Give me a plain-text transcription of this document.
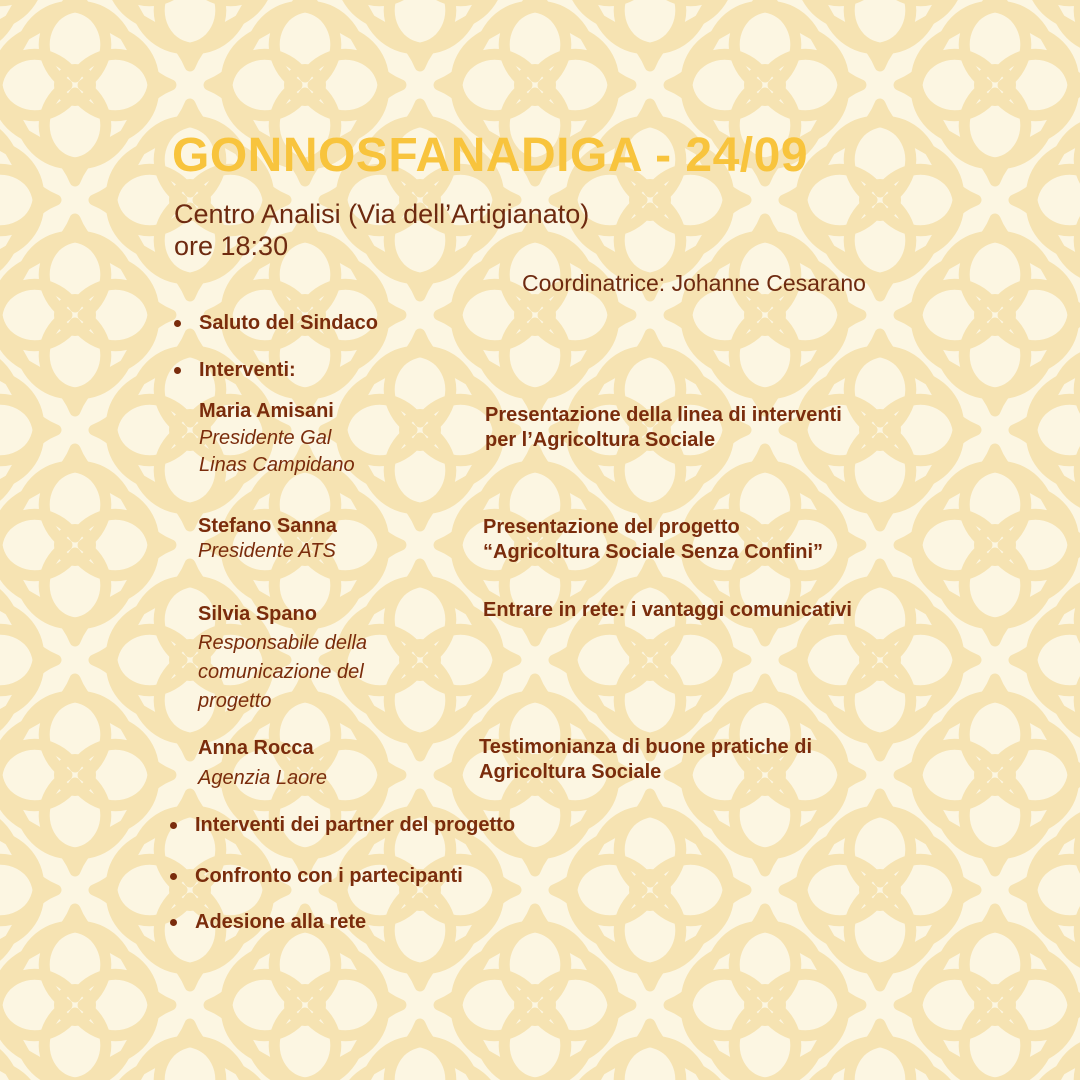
GONNOSFANADIGA - 24/09
Centro Analisi (Via dell’Artigianato)
ore 18:30
Coordinatrice: Johanne Cesarano
Saluto del Sindaco
Interventi:
Maria Amisani
Presidente Gal
Linas Campidano
Presentazione della linea di interventi
per l’Agricoltura Sociale
Stefano Sanna
Presidente ATS
Presentazione del progetto
“Agricoltura Sociale Senza Confini”
Silvia Spano
Responsabile della
comunicazione del
progetto
Entrare in rete: i vantaggi comunicativi
Anna Rocca
Agenzia Laore
Testimonianza di buone pratiche di
Agricoltura Sociale
Interventi dei partner del progetto
Confronto con i partecipanti
Adesione alla rete
